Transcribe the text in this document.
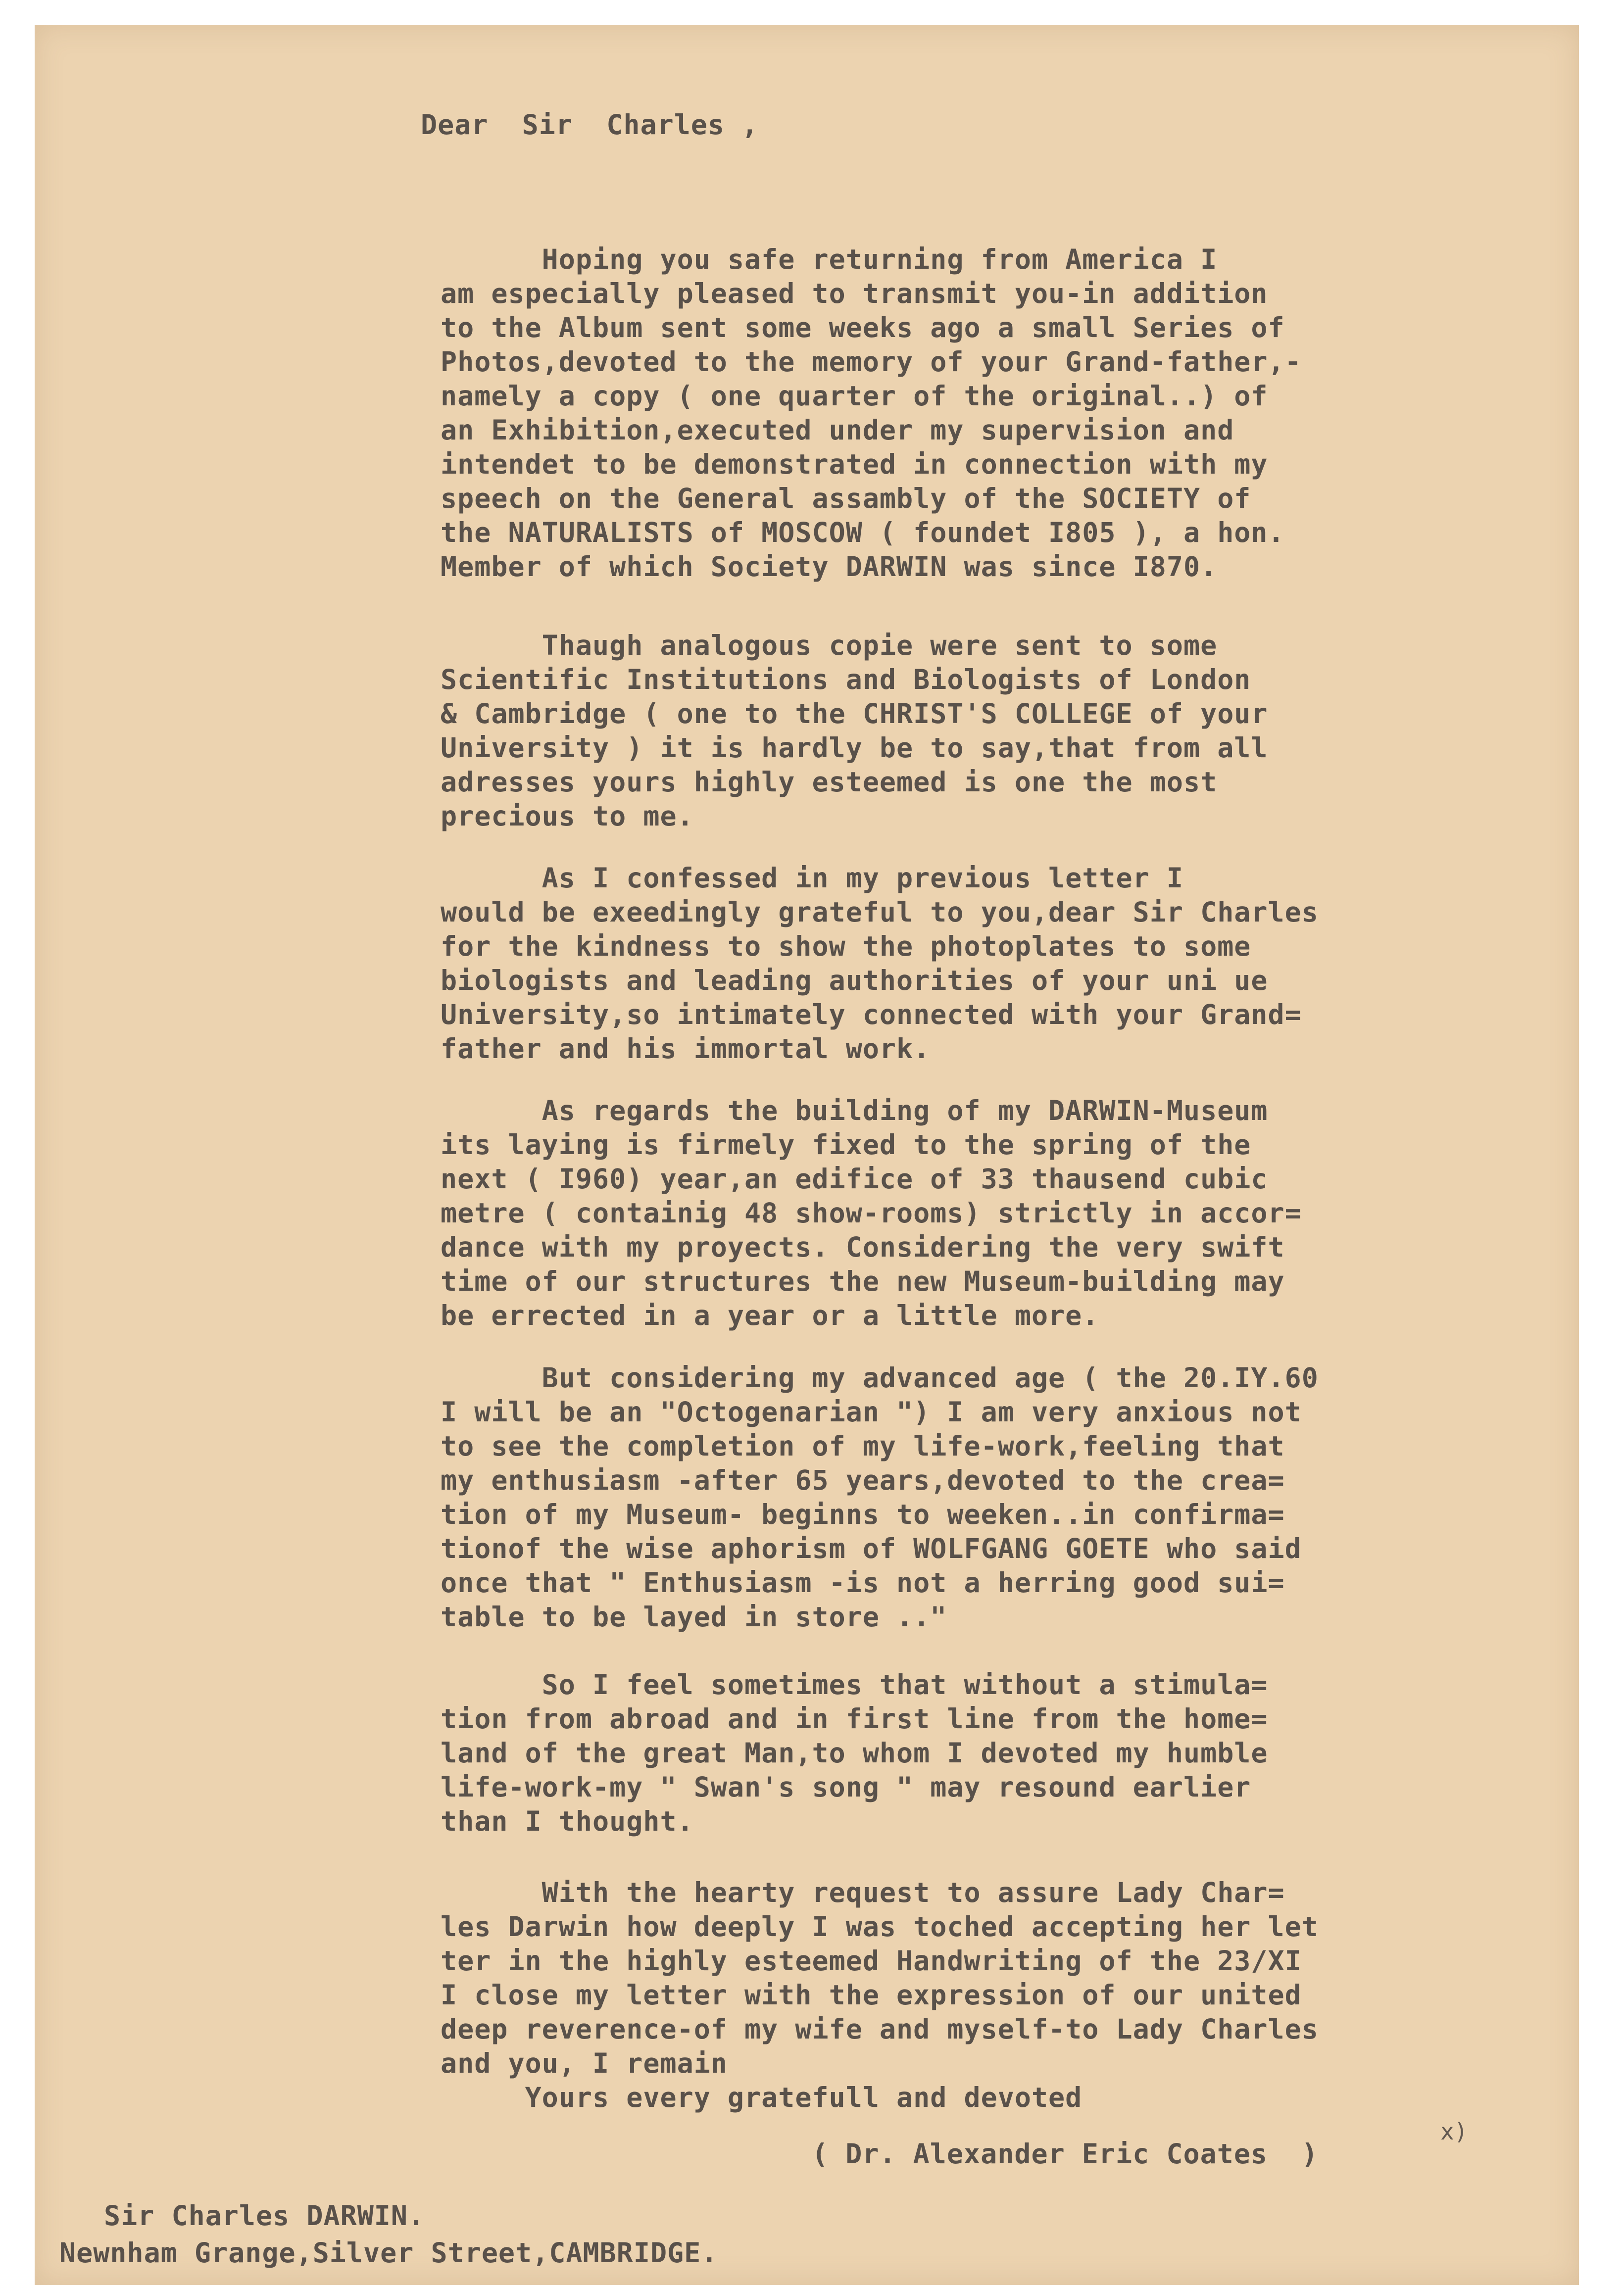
Dear  Sir  Charles ,
Hoping you safe returning from America I
am especially pleased to transmit you-in addition
to the Album sent some weeks ago a small Series of
Photos,devoted to the memory of your Grand-father,-
namely a copy ( one quarter of the original..) of
an Exhibition,executed under my supervision and
intendet to be demonstrated in connection with my
speech on the General assambly of the SOCIETY of
the NATURALISTS of MOSCOW ( foundet I805 ), a hon.
Member of which Society DARWIN was since I870.
Thaugh analogous copie were sent to some
Scientific Institutions and Biologists of London
& Cambridge ( one to the CHRIST'S COLLEGE of your
University ) it is hardly be to say,that from all
adresses yours highly esteemed is one the most
precious to me.
As I confessed in my previous letter I
would be exeedingly grateful to you,dear Sir Charles
for the kindness to show the photoplates to some
biologists and leading authorities of your uni ue
University,so intimately connected with your Grand=
father and his immortal work.
As regards the building of my DARWIN-Museum
its laying is firmely fixed to the spring of the
next ( I960) year,an edifice of 33 thausend cubic
metre ( containig 48 show-rooms) strictly in accor=
dance with my proyects. Considering the very swift
time of our structures the new Museum-building may
be errected in a year or a little more.
But considering my advanced age ( the 20.IY.60
I will be an "Octogenarian ") I am very anxious not
to see the completion of my life-work,feeling that
my enthusiasm -after 65 years,devoted to the crea=
tion of my Museum- beginns to weeken..in confirma=
tionof the wise aphorism of WOLFGANG GOETE who said
once that " Enthusiasm -is not a herring good sui=
table to be layed in store .."
So I feel sometimes that without a stimula=
tion from abroad and in first line from the home=
land of the great Man,to whom I devoted my humble
life-work-my " Swan's song " may resound earlier
than I thought.
With the hearty request to assure Lady Char=
les Darwin how deeply I was toched accepting her let
ter in the highly esteemed Handwriting of the 23/XI
I close my letter with the expression of our united
deep reverence-of my wife and myself-to Lady Charles
and you, I remain
Yours every gratefull and devoted
x)
( Dr. Alexander Eric Coates  )
Sir Charles DARWIN.
Newnham Grange,Silver Street,CAMBRIDGE.
